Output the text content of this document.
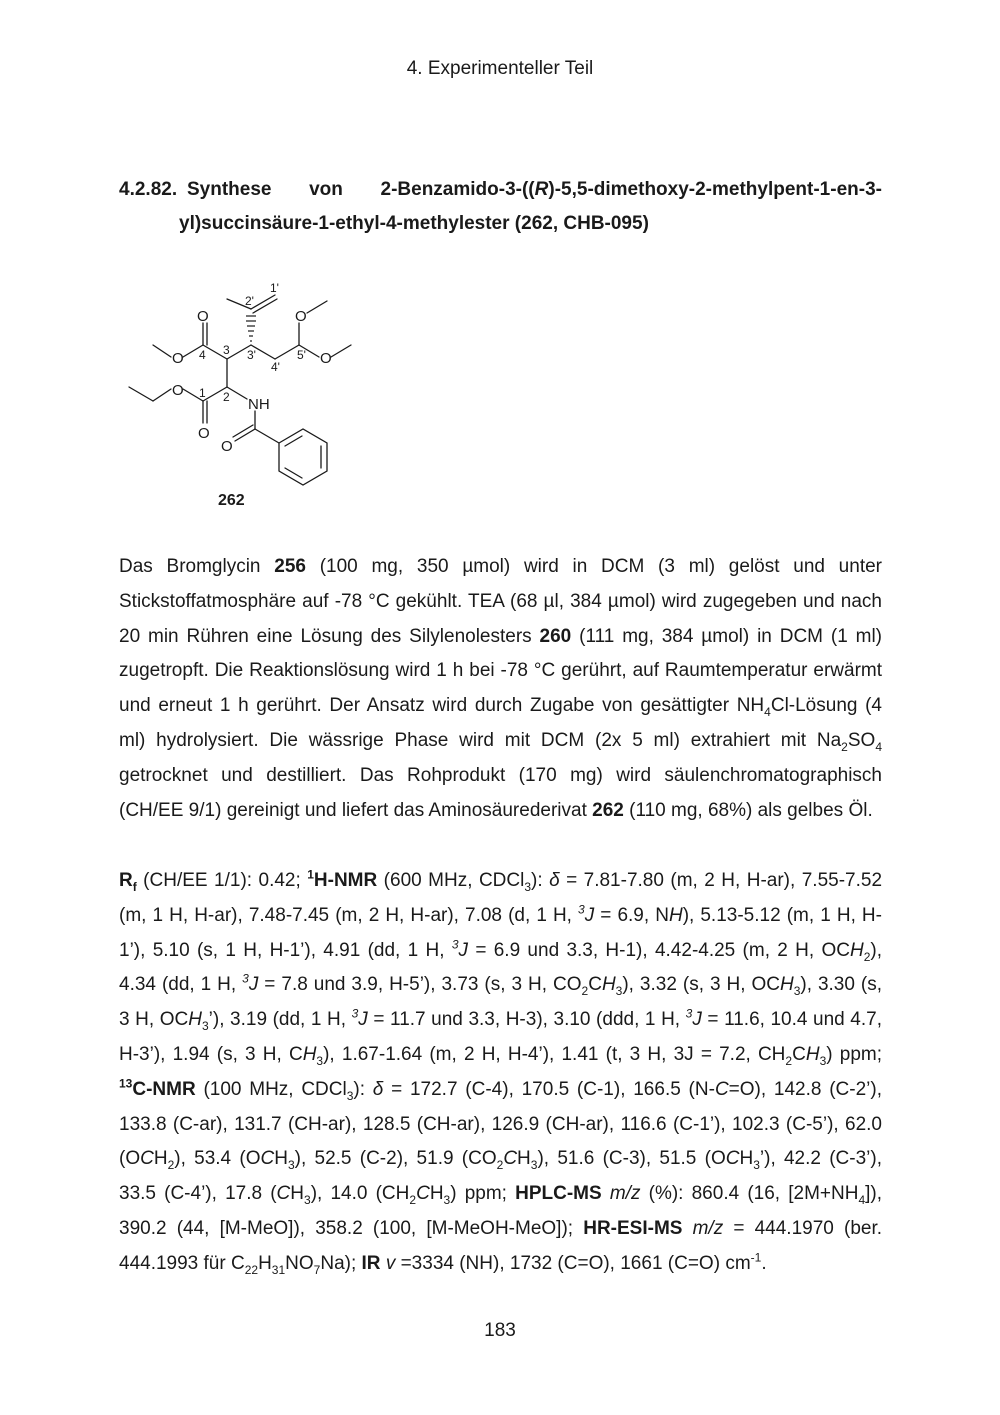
4. Experimenteller Teil
4.2.82. Synthese von 2-Benzamido-3-((R)-5,5-dimethoxy-2-methylpent-1-en-3-
yl)succinsäure-1-ethyl-4-methylester (262, CHB-095)
O
O
O
O
O
O
O
NH
4 3
1 2
1'
2'
3'
4'
5'
262

Das Bromglycin 256 (100 mg, 350 µmol) wird in DCM (3 ml) gelöst und unter Stickstoffatmosphäre auf -78 °C gekühlt. TEA (68 µl, 384 µmol) wird zugegeben und nach 20 min Rühren eine Lösung des Silylenolesters 260 (111 mg, 384 µmol) in DCM (1 ml) zugetropft. Die Reaktionslösung wird 1 h bei -78 °C gerührt, auf Raumtemperatur erwärmt und erneut 1 h gerührt. Der Ansatz wird durch Zugabe von gesättigter $NH_4Cl$-Lösung (4 ml) hydrolysiert. Die wässrige Phase wird mit DCM (2x 5 ml) extrahiert mit $Na_2SO_4$ getrocknet und destilliert. Das Rohprodukt (170 mg) wird säulenchromatographisch (CH/EE 9/1) gereinigt und liefert das Aminosäurederivat 262 (110 mg, 68%) als gelbes Öl.

$R_f$ (CH/EE 1/1): 0.42; $^1$H-NMR (600 MHz, CDCl$_3$): δ = 7.81-7.80 (m, 2 H, H-ar), 7.55-7.52 (m, 1 H, H-ar), 7.48-7.45 (m, 2 H, H-ar), 7.08 (d, 1 H, $^3$J = 6.9, NH), 5.13-5.12 (m, 1 H, H-1’), 5.10 (s, 1 H, H-1’), 4.91 (dd, 1 H, $^3$J = 6.9 und 3.3, H-1), 4.42-4.25 (m, 2 H, $OCH_2$), 4.34 (dd, 1 H, $^3$J = 7.8 und 3.9, H-5’), 3.73 (s, 3 H, $CO_2CH_3$), 3.32 (s, 3 H, $OCH_3$), 3.30 (s, 3 H, $OCH_3$’), 3.19 (dd, 1 H, $^3$J = 11.7 und 3.3, H-3), 3.10 (ddd, 1 H, $^3$J = 11.6, 10.4 und 4.7, H-3’), 1.94 (s, 3 H, $CH_3$), 1.67-1.64 (m, 2 H, H-4’), 1.41 (t, 3 H, 3J = 7.2, $CH_2CH_3$) ppm; $^{13}$C-NMR (100 MHz, CDCl$_3$): δ = 172.7 (C-4), 170.5 (C-1), 166.5 (N-C=O), 142.8 (C-2’), 133.8 (C-ar), 131.7 (CH-ar), 128.5 (CH-ar), 126.9 (CH-ar), 116.6 (C-1’), 102.3 (C-5’), 62.0 $(OCH_2)$, 53.4 $(OCH_3)$, 52.5 (C-2), 51.9 $(CO_2CH_3)$, 51.6 (C-3), 51.5 $(OCH_3’)$, 42.2 (C-3’), 33.5 (C-4’), 17.8 $(CH_3)$, 14.0 $(CH_2CH_3)$ ppm; HPLC-MS m/z (%): 860.4 (16, $[2M+NH_4]$), 390.2 (44, [M-MeO]), 358.2 (100, [M-MeOH-MeO]); HR-ESI-MS m/z = 444.1970 (ber. 444.1993 für $C_{22}H_{31}NO_7Na$); IR v =3334 (NH), 1732 (C=O), 1661 (C=O) $cm^{-1}$.

183
